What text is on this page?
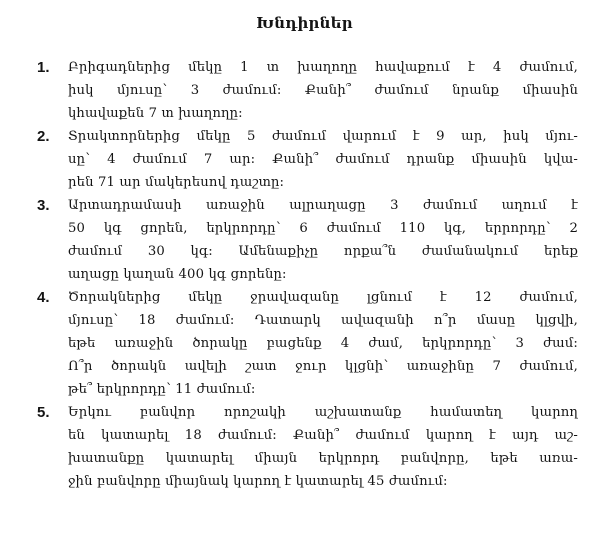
Խնդիրներ
1. Բրիգադներից մեկը 1 տ խաղողը հավաքում է 4 ժամում,
իսկ մյուսը՝ 3 ժամում: Քանի՞ ժամում նրանք միասին
կհավաքեն 7 տ խաղողը:
2. Տրակտորներից մեկը 5 ժամում վարում է 9 ար, իսկ մյու-
սը՝ 4 ժամում 7 ար: Քանի՞ ժամում դրանք միասին կվա-
րեն 71 ար մակերեսով դաշտը:
3. Արտադրամասի առաջին ալրաղացը 3 ժամում աղում է
50 կգ ցորեն, երկրորդը՝ 6 ժամում 110 կգ, երրորդը՝ 2
ժամում 30 կգ: Ամենաքիչը որքա՞ն ժամանակում երեք
աղացը կաղան 400 կգ ցորենը:
4. Ծորակներից մեկը ջրավազանը լցնում է 12 ժամում,
մյուսը՝ 18 ժամում: Դատարկ ավազանի ո՞ր մասը կլցվի,
եթե առաջին ծորակը բացենք 4 ժամ, երկրորդը՝ 3 ժամ:
Ո՞ր ծորակն ավելի շատ ջուր կլցնի՝ առաջինը 7 ժամում,
թե՞ երկրորդը՝ 11 ժամում:
5. Երկու բանվոր որոշակի աշխատանք համատեղ կարող
են կատարել 18 ժամում: Քանի՞ ժամում կարող է այդ աշ-
խատանքը կատարել միայն երկրորդ բանվորը, եթե առա-
ջին բանվորը միայնակ կարող է կատարել 45 ժամում:
